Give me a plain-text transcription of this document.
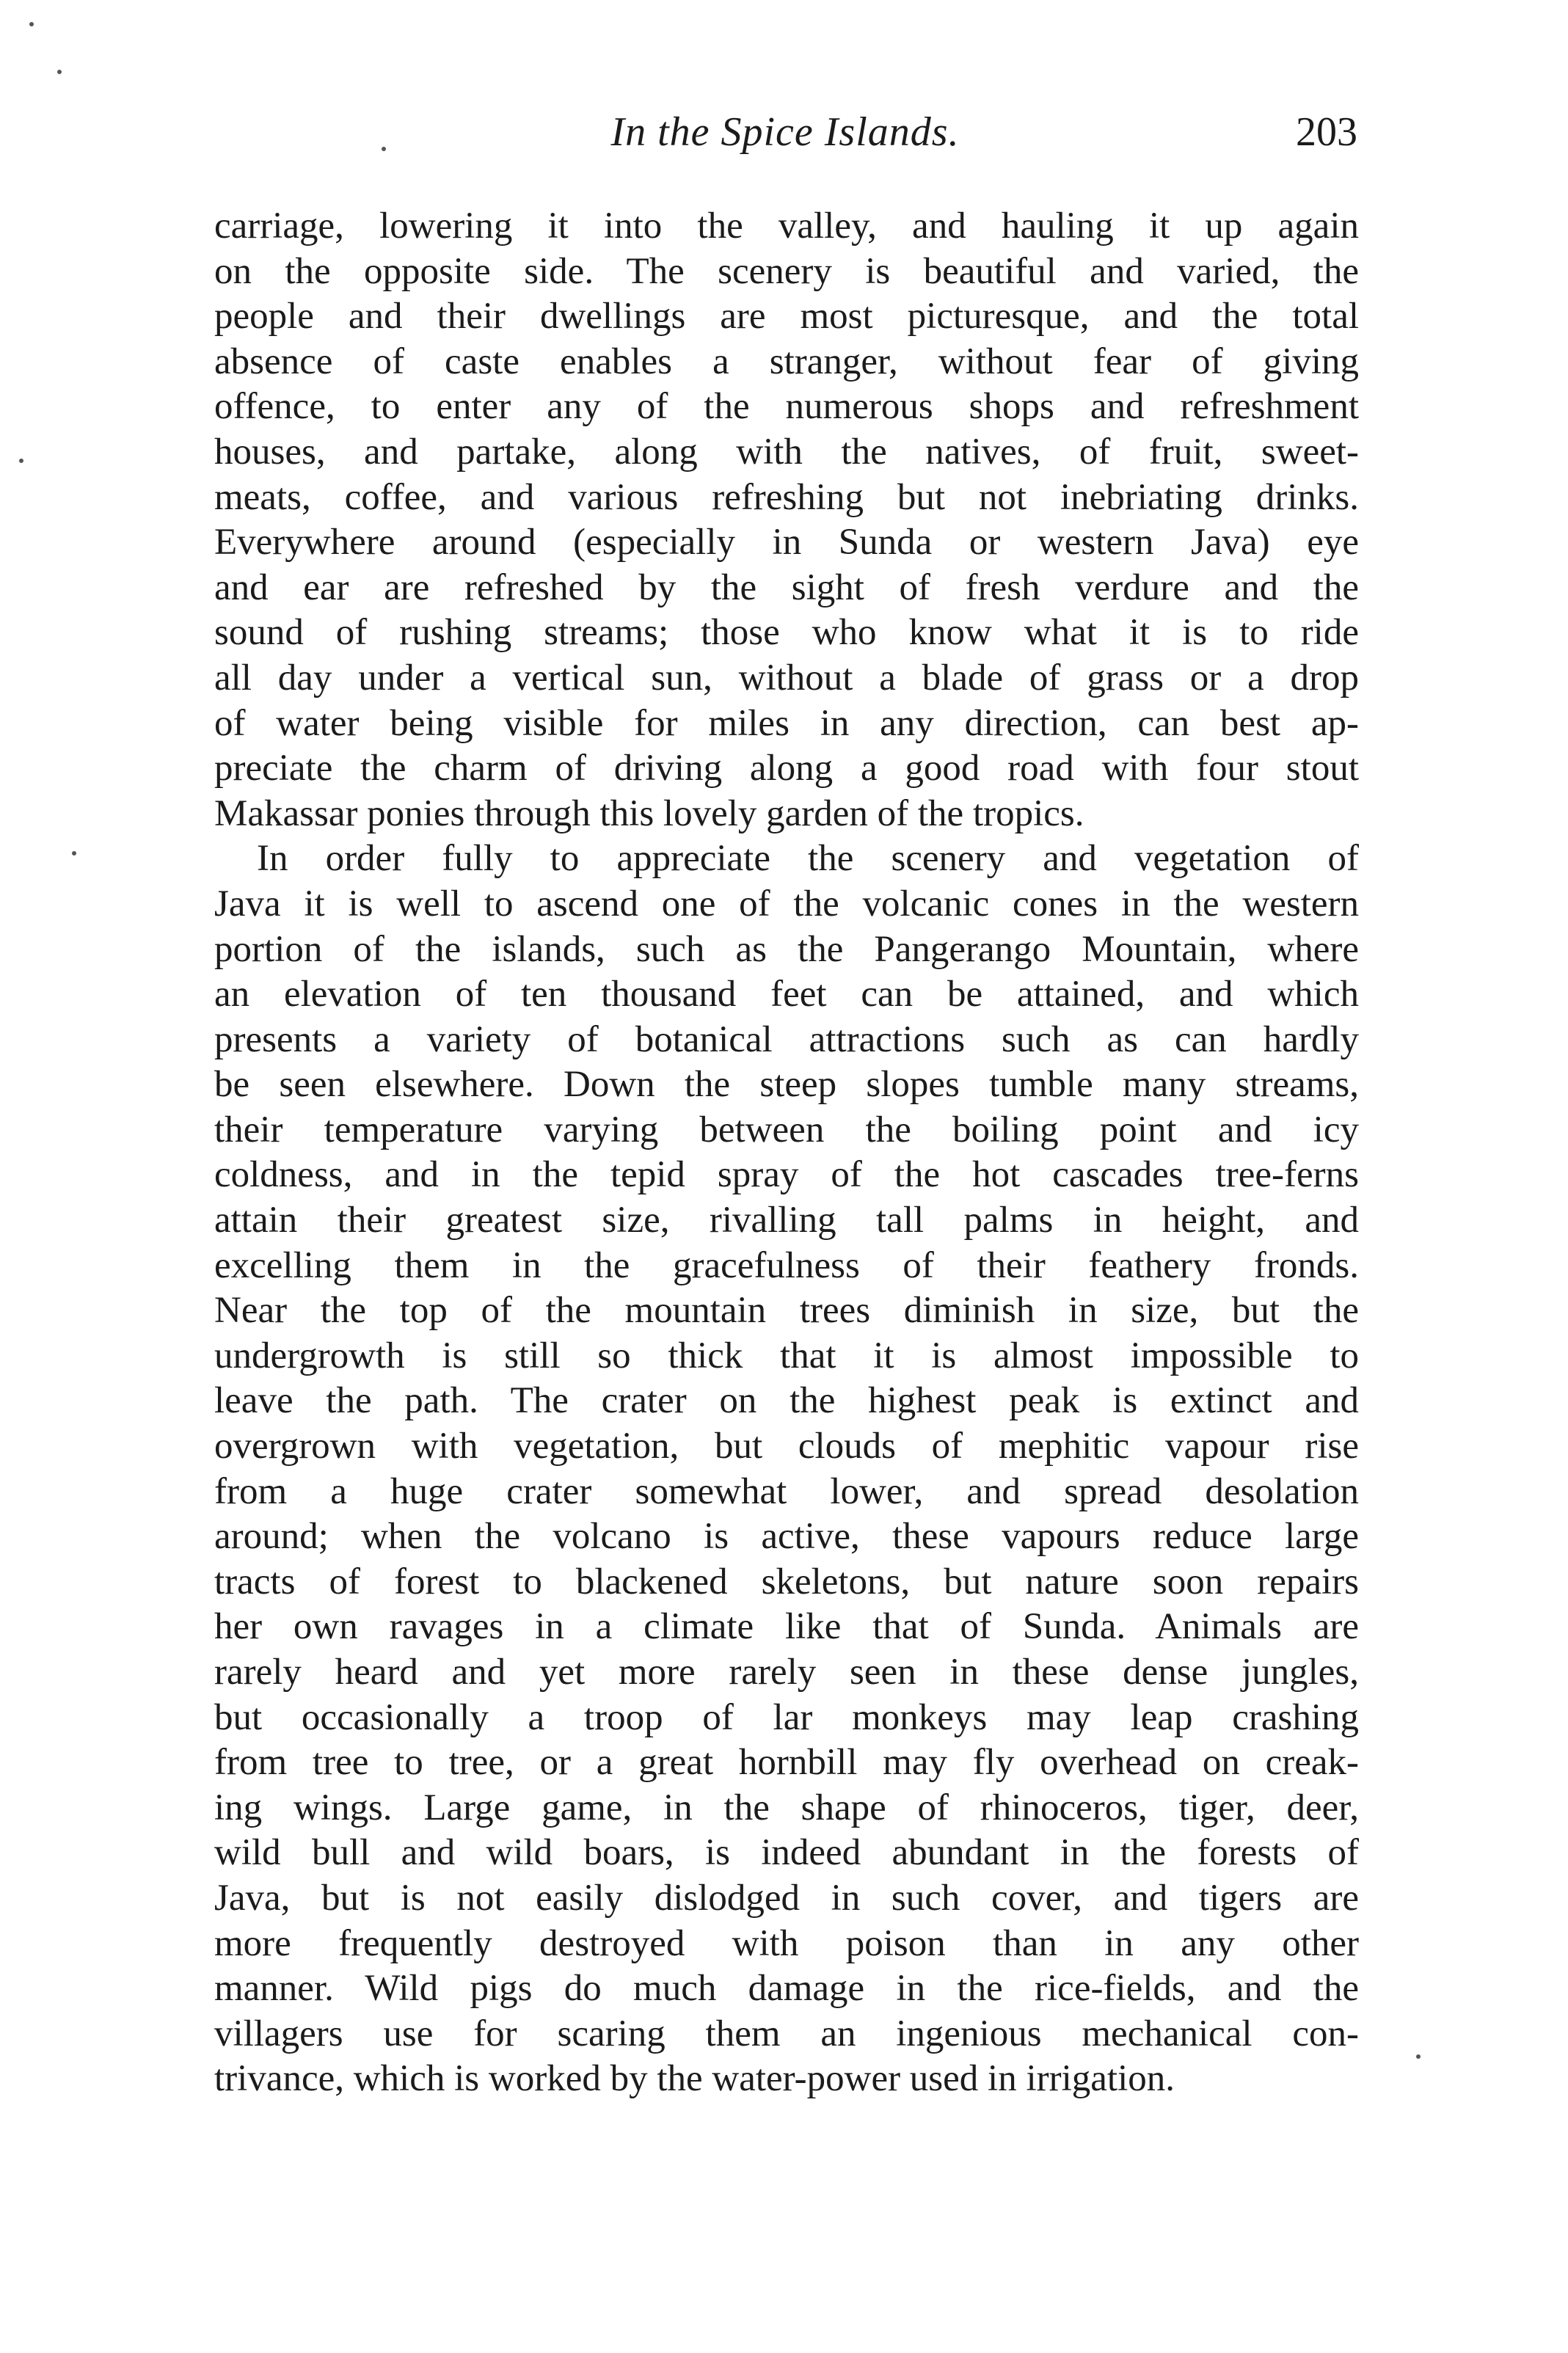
In the Spice Islands.	203
carriage, lowering it into the valley, and hauling it up again
on the opposite side. The scenery is beautiful and varied, the
people and their dwellings are most picturesque, and the total
absence of caste enables a stranger, without fear of giving
offence, to enter any of the numerous shops and refreshment
houses, and partake, along with the natives, of fruit, sweet-
meats, coffee, and various refreshing but not inebriating drinks.
Everywhere around (especially in Sunda or western Java) eye
and ear are refreshed by the sight of fresh verdure and the
sound of rushing streams; those who know what it is to ride
all day under a vertical sun, without a blade of grass or a drop
of water being visible for miles in any direction, can best ap-
preciate the charm of driving along a good road with four stout
Makassar ponies through this lovely garden of the tropics.
In order fully to appreciate the scenery and vegetation of
Java it is well to ascend one of the volcanic cones in the western
portion of the islands, such as the Pangerango Mountain, where
an elevation of ten thousand feet can be attained, and which
presents a variety of botanical attractions such as can hardly
be seen elsewhere. Down the steep slopes tumble many streams,
their temperature varying between the boiling point and icy
coldness, and in the tepid spray of the hot cascades tree-ferns
attain their greatest size, rivalling tall palms in height, and
excelling them in the gracefulness of their feathery fronds.
Near the top of the mountain trees diminish in size, but the
undergrowth is still so thick that it is almost impossible to
leave the path. The crater on the highest peak is extinct and
overgrown with vegetation, but clouds of mephitic vapour rise
from a huge crater somewhat lower, and spread desolation
around; when the volcano is active, these vapours reduce large
tracts of forest to blackened skeletons, but nature soon repairs
her own ravages in a climate like that of Sunda. Animals are
rarely heard and yet more rarely seen in these dense jungles,
but occasionally a troop of lar monkeys may leap crashing
from tree to tree, or a great hornbill may fly overhead on creak-
ing wings. Large game, in the shape of rhinoceros, tiger, deer,
wild bull and wild boars, is indeed abundant in the forests of
Java, but is not easily dislodged in such cover, and tigers are
more frequently destroyed with poison than in any other
manner. Wild pigs do much damage in the rice-fields, and the
villagers use for scaring them an ingenious mechanical con-
trivance, which is worked by the water-power used in irrigation.
